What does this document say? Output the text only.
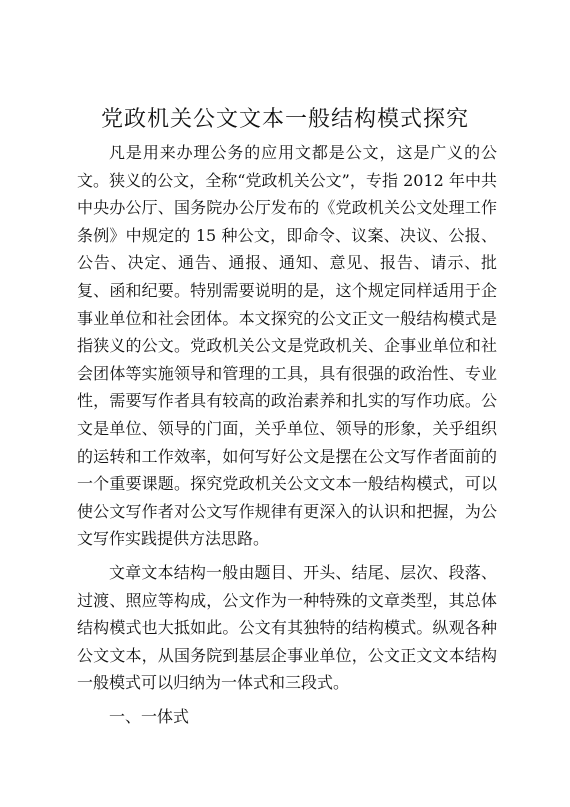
党政机关公文文本一般结构模式探究

凡是用来办理公务的应用文都是公文，这是广义的公文。狭义的公文，全称“党政机关公文”，专指 2012 年中共中央办公厅、国务院办公厅发布的《党政机关公文处理工作条例》中规定的 15 种公文，即命令、议案、决议、公报、公告、决定、通告、通报、通知、意见、报告、请示、批复、函和纪要。特别需要说明的是，这个规定同样适用于企事业单位和社会团体。本文探究的公文正文一般结构模式是指狭义的公文。党政机关公文是党政机关、企事业单位和社会团体等实施领导和管理的工具，具有很强的政治性、专业性，需要写作者具有较高的政治素养和扎实的写作功底。公文是单位、领导的门面，关乎单位、领导的形象，关乎组织的运转和工作效率，如何写好公文是摆在公文写作者面前的一个重要课题。探究党政机关公文文本一般结构模式，可以使公文写作者对公文写作规律有更深入的认识和把握，为公文写作实践提供方法思路。

文章文本结构一般由题目、开头、结尾、层次、段落、过渡、照应等构成，公文作为一种特殊的文章类型，其总体结构模式也大抵如此。公文有其独特的结构模式。纵观各种公文文本，从国务院到基层企事业单位，公文正文文本结构一般模式可以归纳为一体式和三段式。

一、一体式
